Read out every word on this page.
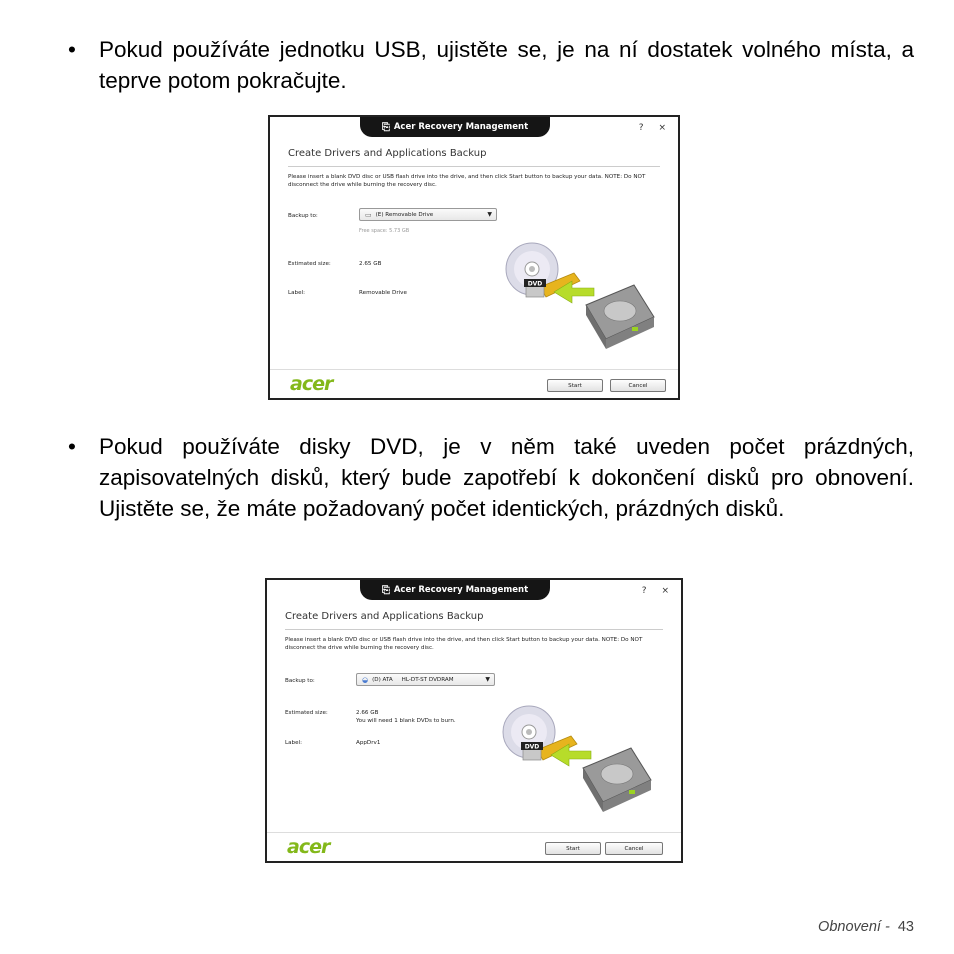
• Pokud používáte jednotku USB, ujistěte se, je na ní dostatek volného místa, a teprve potom pokračujte.
⎘ Acer Recovery Management	? ×
Create Drivers and Applications Backup
Please insert a blank DVD disc or USB flash drive into the drive, and then click Start button to backup your data. NOTE: Do NOT disconnect the drive while burning the recovery disc.
Backup to:	▭ (E) Removable Drive	▼
Free space: 5.73 GB
Estimated size:	2.65 GB
Label:	Removable Drive
DVD
acer	Start	Cancel
• Pokud používáte disky DVD, je v něm také uveden počet prázdných, zapisovatelných disků, který bude zapotřebí k dokončení disků pro obnovení. Ujistěte se, že máte požadovaný počet identických, prázdných disků.
⎘ Acer Recovery Management	? ×
Create Drivers and Applications Backup
Please insert a blank DVD disc or USB flash drive into the drive, and then click Start button to backup your data. NOTE: Do NOT disconnect the drive while burning the recovery disc.
Backup to:	◒ (D) ATA     HL-DT-ST DVDRAM	▼
Estimated size:	2.66 GB
You will need 1 blank DVDs to burn.
Label:	AppDrv1
DVD
acer	Start	Cancel
Obnovení - 43
